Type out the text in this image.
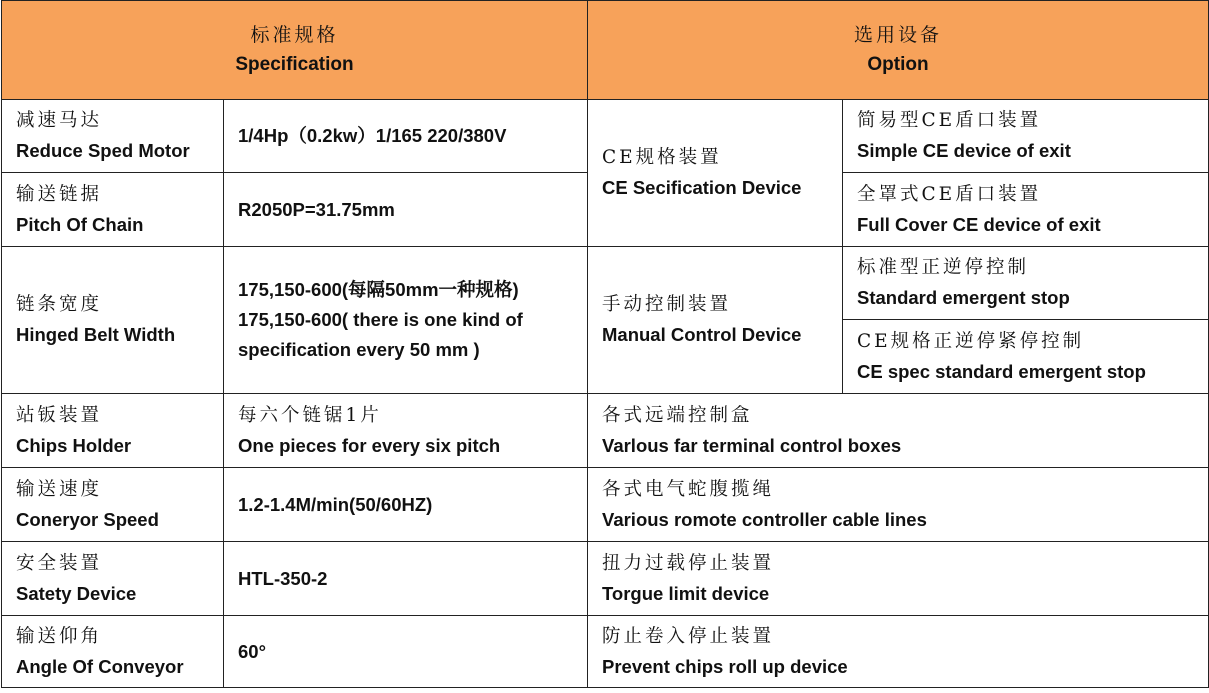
标准规格
Specification		选用设备
Option	

减速马达
Reduce Sped Motor	1/4Hp（0.2kw）1/165 220/380V	CE规格装置
CE Secification Device	简易型CE盾口装置
Simple CE device of exit

输送链据
Pitch Of Chain	R2050P=31.75mm		全罩式CE盾口装置
Full Cover CE device of exit

链条宽度
Hinged Belt Width	175,150-600(每隔50mm一种规格)
175,150-600( there is one kind of
specification every 50 mm )	手动控制装置
Manual Control Device	标准型正逆停控制
Standard emergent stop

			CE规格正逆停紧停控制
CE spec standard emergent stop

站钣装置
Chips Holder	每六个链锯1片
One pieces for every six pitch	各式远端控制盒
Varlous far terminal control boxes	

输送速度
Coneryor Speed	1.2-1.4M/min(50/60HZ)	各式电气蛇腹揽绳
Various romote controller cable lines	

安全装置
Satety Device	HTL-350-2	扭力过载停止装置
Torgue limit device	

输送仰角
Angle Of Conveyor	60°	防止卷入停止装置
Prevent chips roll up device	
